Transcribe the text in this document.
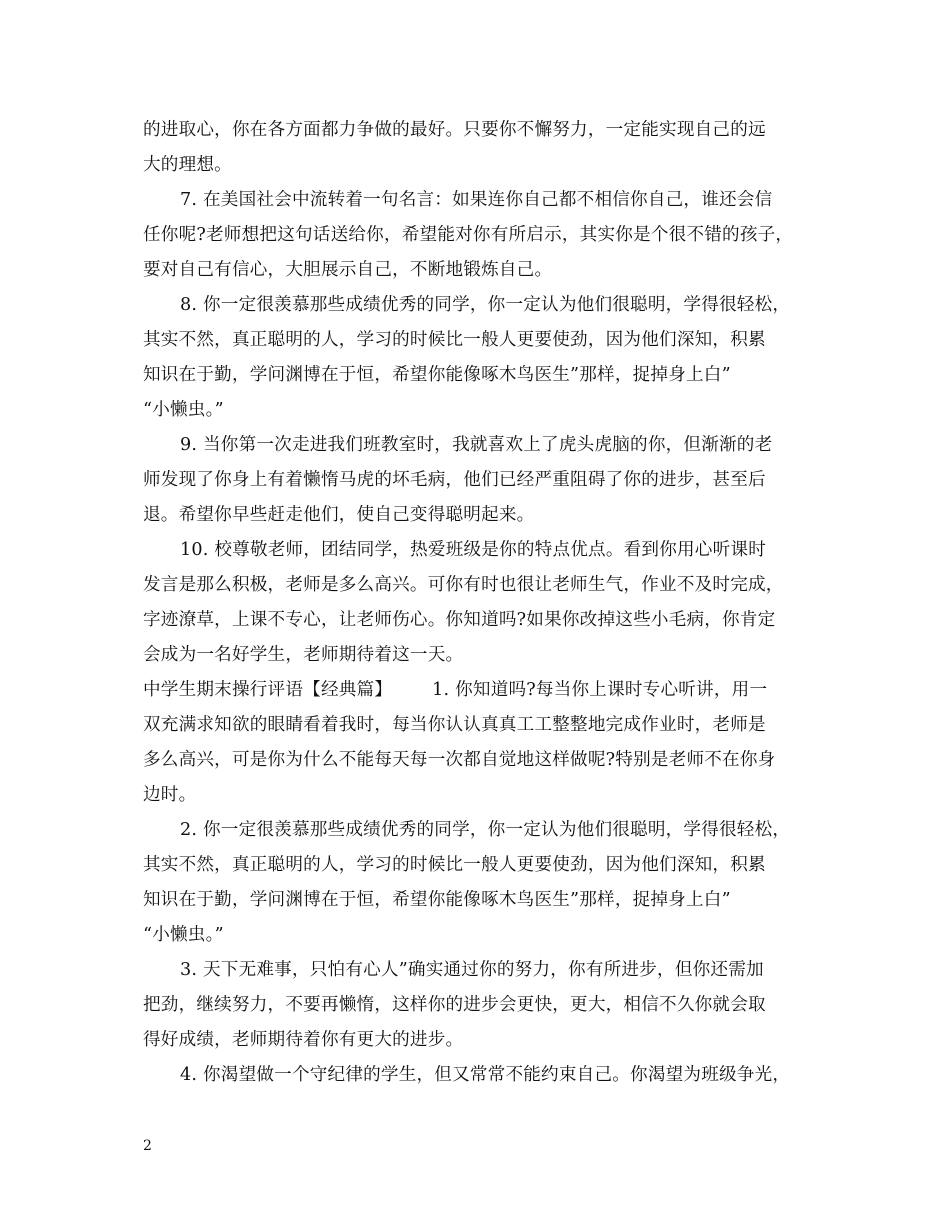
的进取心，你在各方面都力争做的最好。只要你不懈努力，一定能实现自己的远
大的理想。
7. 在美国社会中流转着一句名言：如果连你自己都不相信你自己，谁还会信
任你呢?老师想把这句话送给你，希望能对你有所启示，其实你是个很不错的孩子，
要对自己有信心，大胆展示自己，不断地锻炼自己。
8. 你一定很羡慕那些成绩优秀的同学，你一定认为他们很聪明，学得很轻松，
其实不然，真正聪明的人，学习的时候比一般人更要使劲，因为他们深知，积累
知识在于勤，学问渊博在于恒，希望你能像啄木鸟医生”那样，捉掉身上白”
“小懒虫。”
9. 当你第一次走进我们班教室时，我就喜欢上了虎头虎脑的你，但渐渐的老
师发现了你身上有着懒惰马虎的坏毛病，他们已经严重阻碍了你的进步，甚至后
退。希望你早些赶走他们，使自己变得聪明起来。
10. 校尊敬老师，团结同学，热爱班级是你的特点优点。看到你用心听课时
发言是那么积极，老师是多么高兴。可你有时也很让老师生气，作业不及时完成，
字迹潦草，上课不专心，让老师伤心。你知道吗?如果你改掉这些小毛病，你肯定
会成为一名好学生，老师期待着这一天。
中学生期末操行评语【经典篇】 1. 你知道吗?每当你上课时专心听讲，用一
双充满求知欲的眼睛看着我时，每当你认认真真工工整整地完成作业时，老师是
多么高兴，可是你为什么不能每天每一次都自觉地这样做呢?特别是老师不在你身
边时。
2. 你一定很羡慕那些成绩优秀的同学，你一定认为他们很聪明，学得很轻松，
其实不然，真正聪明的人，学习的时候比一般人更要使劲，因为他们深知，积累
知识在于勤，学问渊博在于恒，希望你能像啄木鸟医生”那样，捉掉身上白”
“小懒虫。”
3. 天下无难事，只怕有心人”确实通过你的努力，你有所进步，但你还需加
把劲，继续努力，不要再懒惰，这样你的进步会更快，更大，相信不久你就会取
得好成绩，老师期待着你有更大的进步。
4. 你渴望做一个守纪律的学生，但又常常不能约束自己。你渴望为班级争光，
2
